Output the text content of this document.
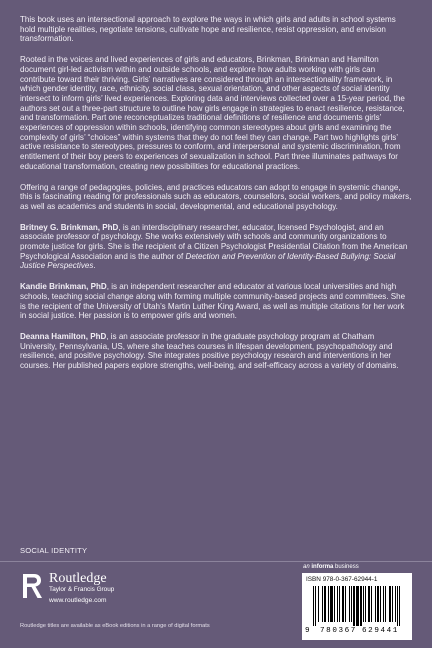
This book uses an intersectional approach to explore the ways in which girls and adults in school systems hold multiple realities, negotiate tensions, cultivate hope and resilience, resist oppression, and envision transformation.

Rooted in the voices and lived experiences of girls and educators, Brinkman, Brinkman and Hamilton document girl-led activism within and outside schools, and explore how adults working with girls can contribute toward their thriving. Girls’ narratives are considered through an intersectionality framework, in which gender identity, race, ethnicity, social class, sexual orientation, and other aspects of social identity intersect to inform girls’ lived experiences. Exploring data and interviews collected over a 15-year period, the authors set out a three-part structure to outline how girls engage in strategies to enact resilience, resistance, and transformation. Part one reconceptualizes traditional definitions of resilience and documents girls’ experiences of oppression within schools, identifying common stereotypes about girls and examining the complexity of girls’ “choices” within systems that they do not feel they can change. Part two highlights girls’ active resistance to stereotypes, pressures to conform, and interpersonal and systemic discrimination, from entitlement of their boy peers to experiences of sexualization in school. Part three illuminates pathways for educational transformation, creating new possibilities for educational practices.

Offering a range of pedagogies, policies, and practices educators can adopt to engage in systemic change, this is fascinating reading for professionals such as educators, counsellors, social workers, and policy makers, as well as academics and students in social, developmental, and educational psychology.

Britney G. Brinkman, PhD, is an interdisciplinary researcher, educator, licensed Psychologist, and an associate professor of psychology. She works extensively with schools and community organizations to promote justice for girls. She is the recipient of a Citizen Psychologist Presidential Citation from the American Psychological Association and is the author of Detection and Prevention of Identity-Based Bullying: Social Justice Perspectives.

Kandie Brinkman, PhD, is an independent researcher and educator at various local universities and high schools, teaching social change along with forming multiple community-based projects and committees. She is the recipient of the University of Utah’s Martin Luther King Award, as well as multiple citations for her work in social justice. Her passion is to empower girls and women.

Deanna Hamilton, PhD, is an associate professor in the graduate psychology program at Chatham University, Pennsylvania, US, where she teaches courses in lifespan development, psychopathology and resilience, and positive psychology. She integrates positive psychology research and interventions in her courses. Her published papers explore strengths, well-being, and self-efficacy across a variety of domains.

SOCIAL IDENTITY
Routledge
Taylor & Francis Group
www.routledge.com
Routledge titles are available as eBook editions in a range of digital formats
an informa business
ISBN 978-0-367-62944-1
9 780367 629441
